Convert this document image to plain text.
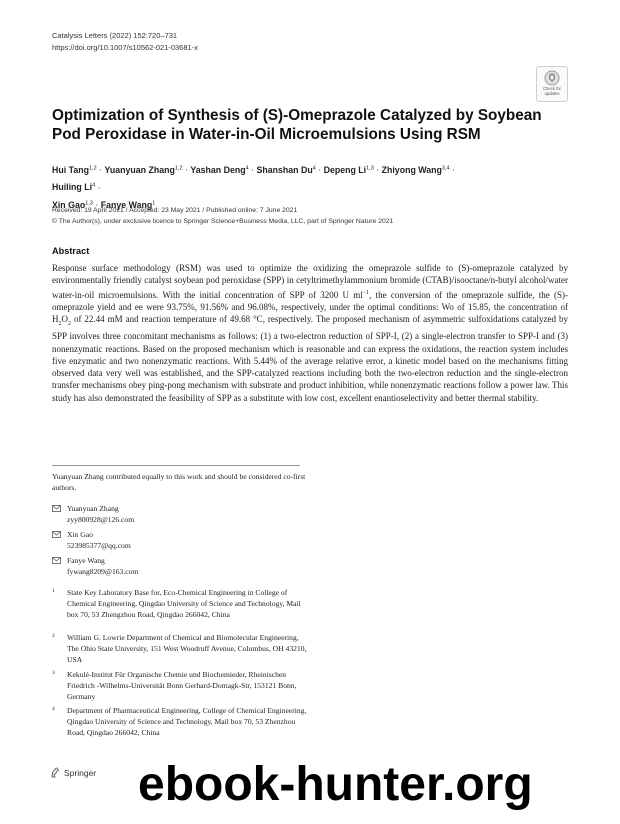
Catalysis Letters (2022) 152:720–731
https://doi.org/10.1007/s10562-021-03681-x
Check for
updates
Optimization of Synthesis of (S)-Omeprazole Catalyzed by Soybean Pod Peroxidase in Water-in-Oil Microemulsions Using RSM
Hui Tang$^{1,2}$ · Yuanyuan Zhang$^{1,2}$ · Yashan Deng$^4$ · Shanshan $Du^4$ · Depeng Li$^{1,3}$ · Zhiyong Wang$^{3,4}$ · Huiling $Li^4$ ·
Xin Gao$^{1,3}$ · Fanye Wang$^1$
Received: 19 April 2021 / Accepted: 23 May 2021 / Published online: 7 June 2021
© The Author(s), under exclusive licence to Springer Science+Business Media, LLC, part of Springer Nature 2021
Abstract

Response surface methodology (RSM) was used to optimize the oxidizing the omeprazole sulfide to (S)-omeprazole catalyzed by environmentally friendly catalyst soybean pod peroxidase (SPP) in cetyltrimethylammonium bromide (CTAB)/isooctane/n-butyl alcohol/water water-in-oil microemulsions. With the initial concentration of SPP of 3200 U $ml^{-1}$, the conversion of the omeprazole sulfide, the (S)-omeprazole yield and ee were 93.75%, 91.56% and 96.08%, respectively, under the optimal conditions: Wo of 15.85, the concentration of $H_2O_2$ of 22.44 mM and reaction temperature of 49.68 °C, respectively. The proposed mechanism of asymmetric sulfoxidations catalyzed by SPP involves three concomitant mechanisms as follows: (1) a two-electron reduction of SPP-I, (2) a single-electron transfer to SPP-I and (3) nonenzymatic reactions. Based on the proposed mechanism which is reasonable and can express the oxidations, the reaction system includes five enzymatic and two nonenzymatic reactions. With 5.44% of the average relative error, a kinetic model based on the mechanisms fitting observed data very well was established, and the SPP-catalyzed reactions including both the two-electron reduction and the single-electron transfer mechanisms obey ping-pong mechanism with substrate and product inhibition, while nonenzymatic reactions follow a power law. This study has also demonstrated the feasibility of SPP as a substitute with low cost, excellent enantioselectivity and better thermal stability.

Yuanyuan Zhang contributed equally to this work and should be considered co-first authors.
Yuanyuan Zhang
zyy800928@126.com
Xin Gao
523985377@qq.com
Fanye Wang
fywang8209@163.com
1 State Key Laboratory Base for, Eco-Chemical Engineering in College of Chemical Engineering, Qingdao University of Science and Technology, Mail box 70, 53 Zhengzhou Road, Qingdao 266042, China
2 William G. Lowrie Department of Chemical and Biomolecular Engineering, The Ohio State University, 151 West Woodruff Avenue, Columbus, OH 43210, USA
3 Kekulé-Institut Für Organische Chemie und Biochemieder, Rheinischen Friedrich -Wilhelms-Universität Bonn Gerhard-Domagk-Str, 153121 Bonn, Germany
4 Department of Pharmaceutical Engineering, College of Chemical Engineering, Qingdao University of Science and Technology, Mail box 70, 53 Zhenzhou Road, Qingdao 266042, China
Springer ebook-hunter.org
